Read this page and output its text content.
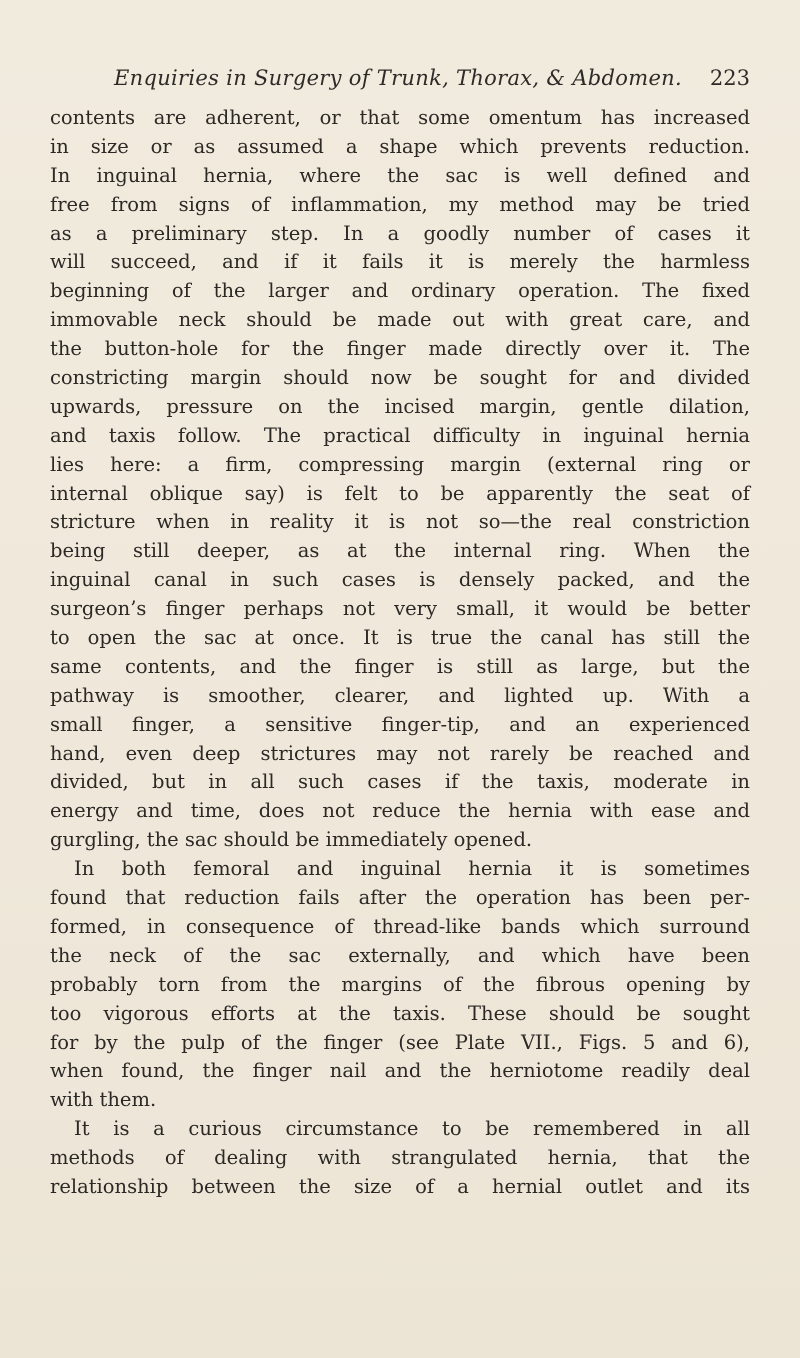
Enquiries in Surgery of Trunk, Thorax, & Abdomen. 223
contents are adherent, or that some omentum has increased
in size or as assumed a shape which prevents reduction.
In inguinal hernia, where the sac is well defined and
free from signs of inflammation, my method may be tried
as a preliminary step. In a goodly number of cases it
will succeed, and if it fails it is merely the harmless
beginning of the larger and ordinary operation. The fixed
immovable neck should be made out with great care, and
the button-hole for the finger made directly over it. The
constricting margin should now be sought for and divided
upwards, pressure on the incised margin, gentle dilation,
and taxis follow. The practical difficulty in inguinal hernia
lies here: a firm, compressing margin (external ring or
internal oblique say) is felt to be apparently the seat of
stricture when in reality it is not so—the real constriction
being still deeper, as at the internal ring. When the
inguinal canal in such cases is densely packed, and the
surgeon’s finger perhaps not very small, it would be better
to open the sac at once. It is true the canal has still the
same contents, and the finger is still as large, but the
pathway is smoother, clearer, and lighted up. With a
small finger, a sensitive finger-tip, and an experienced
hand, even deep strictures may not rarely be reached and
divided, but in all such cases if the taxis, moderate in
energy and time, does not reduce the hernia with ease and
gurgling, the sac should be immediately opened.
In both femoral and inguinal hernia it is sometimes
found that reduction fails after the operation has been per-
formed, in consequence of thread-like bands which surround
the neck of the sac externally, and which have been
probably torn from the margins of the fibrous opening by
too vigorous efforts at the taxis. These should be sought
for by the pulp of the finger (see Plate VII., Figs. 5 and 6),
when found, the finger nail and the herniotome readily deal
with them.
It is a curious circumstance to be remembered in all
methods of dealing with strangulated hernia, that the
relationship between the size of a hernial outlet and its
